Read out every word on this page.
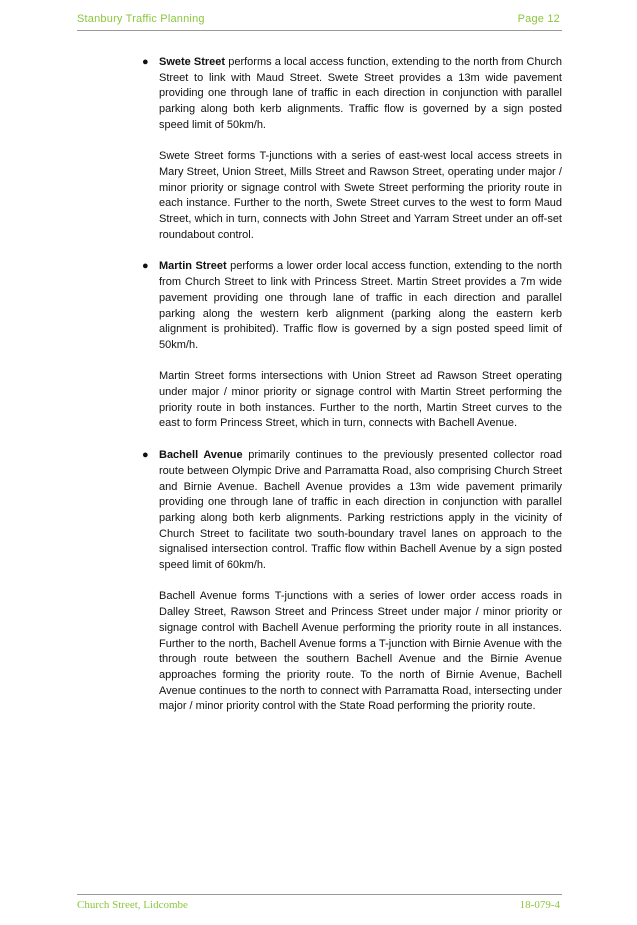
Stanbury Traffic Planning	Page 12
● Swete Street performs a local access function, extending to the north from Church Street to link with Maud Street. Swete Street provides a 13m wide pavement providing one through lane of traffic in each direction in conjunction with parallel parking along both kerb alignments. Traffic flow is governed by a sign posted speed limit of 50km/h.

Swete Street forms T-junctions with a series of east-west local access streets in Mary Street, Union Street, Mills Street and Rawson Street, operating under major / minor priority or signage control with Swete Street performing the priority route in each instance. Further to the north, Swete Street curves to the west to form Maud Street, which in turn, connects with John Street and Yarram Street under an off-set roundabout control.

● Martin Street performs a lower order local access function, extending to the north from Church Street to link with Princess Street. Martin Street provides a 7m wide pavement providing one through lane of traffic in each direction and parallel parking along the western kerb alignment (parking along the eastern kerb alignment is prohibited). Traffic flow is governed by a sign posted speed limit of 50km/h.

Martin Street forms intersections with Union Street ad Rawson Street operating under major / minor priority or signage control with Martin Street performing the priority route in both instances. Further to the north, Martin Street curves to the east to form Princess Street, which in turn, connects with Bachell Avenue.

● Bachell Avenue primarily continues to the previously presented collector road route between Olympic Drive and Parramatta Road, also comprising Church Street and Birnie Avenue. Bachell Avenue provides a 13m wide pavement primarily providing one through lane of traffic in each direction in conjunction with parallel parking along both kerb alignments. Parking restrictions apply in the vicinity of Church Street to facilitate two south-boundary travel lanes on approach to the signalised intersection control. Traffic flow within Bachell Avenue by a sign posted speed limit of 60km/h.

Bachell Avenue forms T-junctions with a series of lower order access roads in Dalley Street, Rawson Street and Princess Street under major / minor priority or signage control with Bachell Avenue performing the priority route in all instances. Further to the north, Bachell Avenue forms a T-junction with Birnie Avenue with the through route between the southern Bachell Avenue and the Birnie Avenue approaches forming the priority route. To the north of Birnie Avenue, Bachell Avenue continues to the north to connect with Parramatta Road, intersecting under major / minor priority control with the State Road performing the priority route.

Church Street, Lidcombe	18-079-4
